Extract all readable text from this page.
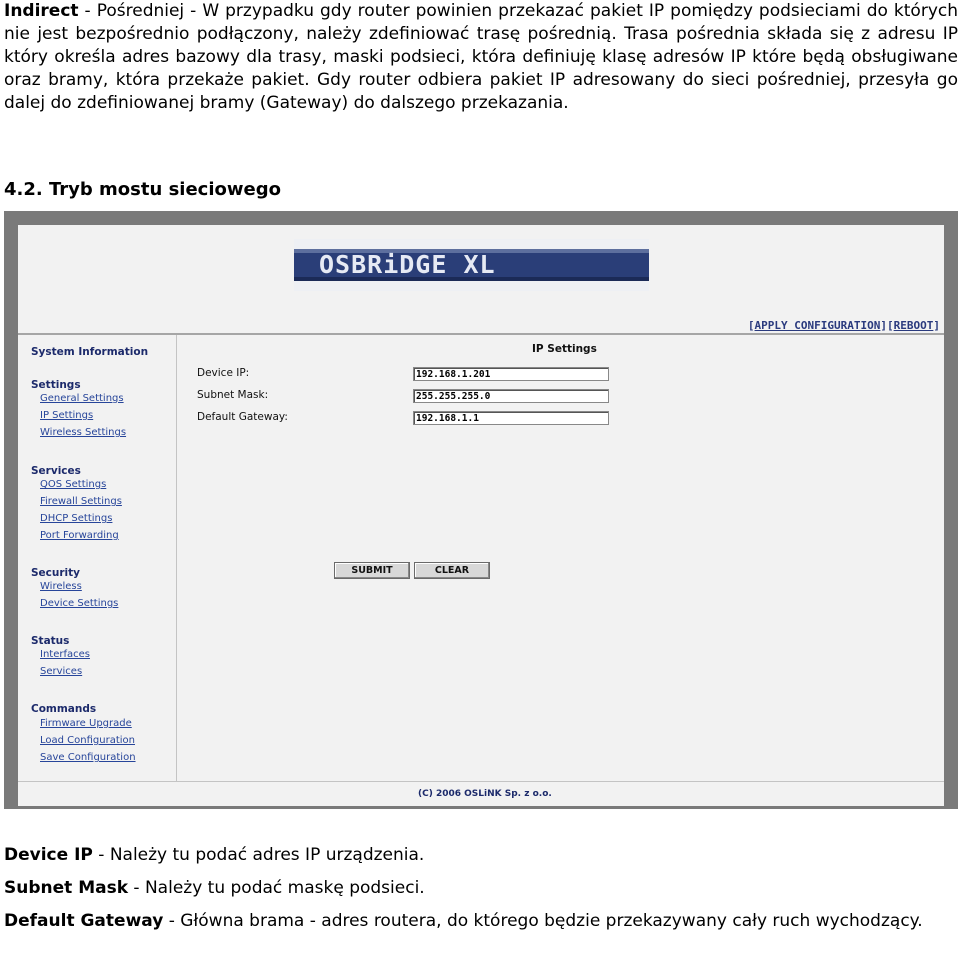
Indirect - Pośredniej - W przypadku gdy router powinien przekazać pakiet IP pomiędzy podsieciami do których nie jest bezpośrednio podłączony, należy zdefiniować trasę pośrednią. Trasa pośrednia składa się z adresu IP który określa adres bazowy dla trasy, maski podsieci, która definiuję klasę adresów IP które będą obsługiwane oraz bramy, która przekaże pakiet. Gdy router odbiera pakiet IP adresowany do sieci pośredniej, przesyła go dalej do zdefiniowanej bramy (Gateway) do dalszego przekazania.
4.2. Tryb mostu sieciowego
OSBRiDGE XL
[APPLY CONFIGURATION][REBOOT]
System Information
Settings
General Settings
IP Settings
Wireless Settings
Services
QOS Settings
Firewall Settings
DHCP Settings
Port Forwarding
Security
Wireless
Device Settings
Status
Interfaces
Services
Commands
Firmware Upgrade
Load Configuration
Save Configuration
IP Settings
Device IP:	192.168.1.201
Subnet Mask:	255.255.255.0
Default Gateway:	192.168.1.1
SUBMIT	CLEAR
(C) 2006 OSLiNK Sp. z o.o.
Device IP - Należy tu podać adres IP urządzenia.
Subnet Mask - Należy tu podać maskę podsieci.
Default Gateway - Główna brama - adres routera, do którego będzie przekazywany cały ruch wychodzący.
